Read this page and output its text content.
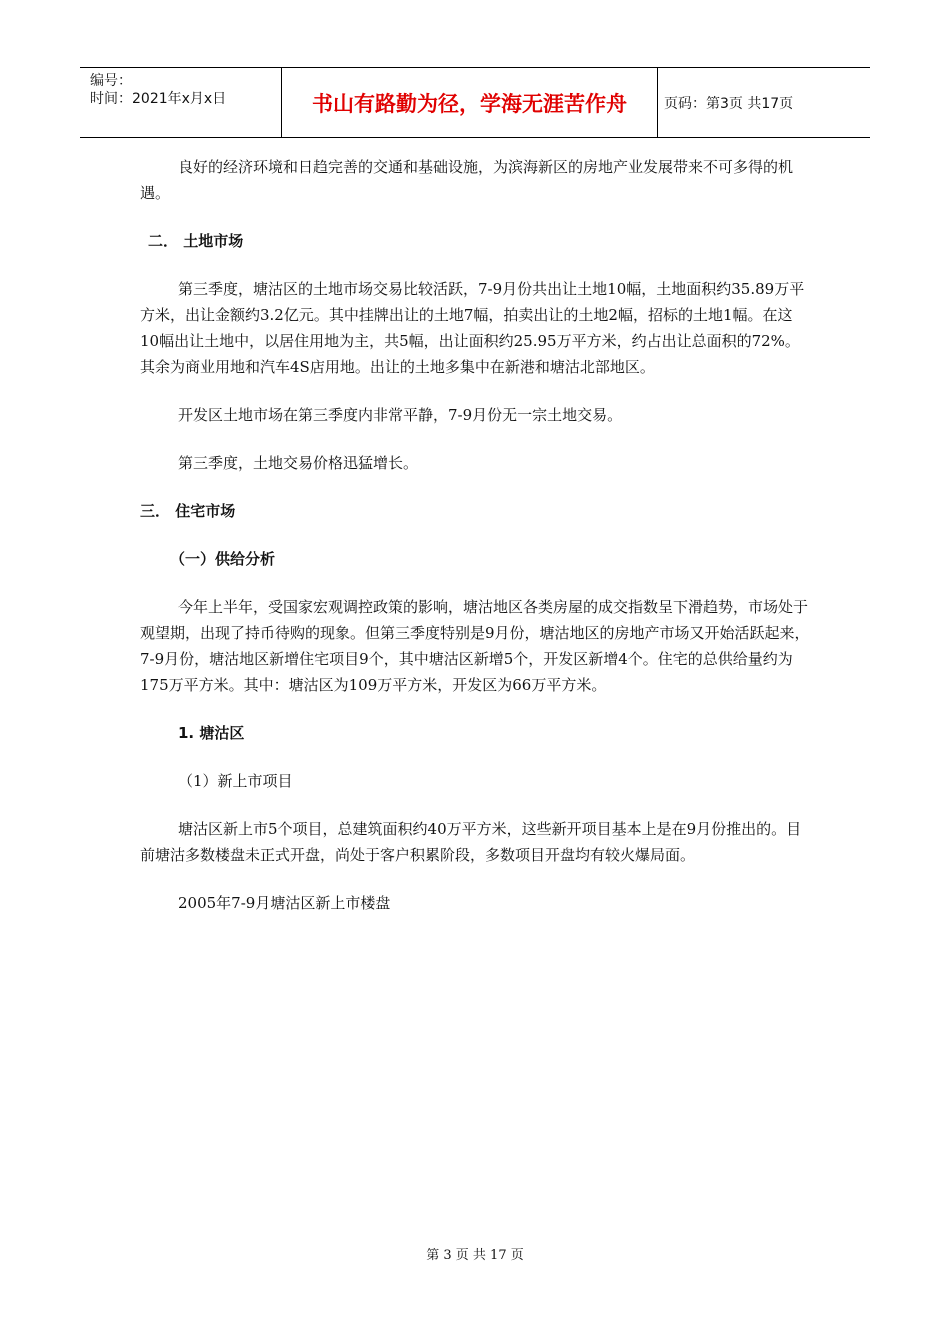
编号：
时间：2021年x月x日	书山有路勤为径，学海无涯苦作舟	页码：第3页 共17页

良好的经济环境和日趋完善的交通和基础设施，为滨海新区的房地产业发展带来不可多得的机遇。

二． 土地市场

第三季度，塘沽区的土地市场交易比较活跃，7-9月份共出让土地10幅，土地面积约35.89万平方米，出让金额约3.2亿元。其中挂牌出让的土地7幅，拍卖出让的土地2幅，招标的土地1幅。在这10幅出让土地中，以居住用地为主，共5幅，出让面积约25.95万平方米，约占出让总面积的72%。其余为商业用地和汽车4S店用地。出让的土地多集中在新港和塘沽北部地区。

开发区土地市场在第三季度内非常平静，7-9月份无一宗土地交易。

第三季度，土地交易价格迅猛增长。

三． 住宅市场

（一）供给分析

今年上半年，受国家宏观调控政策的影响，塘沽地区各类房屋的成交指数呈下滑趋势，市场处于观望期，出现了持币待购的现象。但第三季度特别是9月份，塘沽地区的房地产市场又开始活跃起来，7-9月份，塘沽地区新增住宅项目9个，其中塘沽区新增5个，开发区新增4个。住宅的总供给量约为175万平方米。其中：塘沽区为109万平方米，开发区为66万平方米。

1. 塘沽区

（1）新上市项目

塘沽区新上市5个项目，总建筑面积约40万平方米，这些新开项目基本上是在9月份推出的。目前塘沽多数楼盘未正式开盘，尚处于客户积累阶段，多数项目开盘均有较火爆局面。

2005年7-9月塘沽区新上市楼盘

第 3 页 共 17 页
